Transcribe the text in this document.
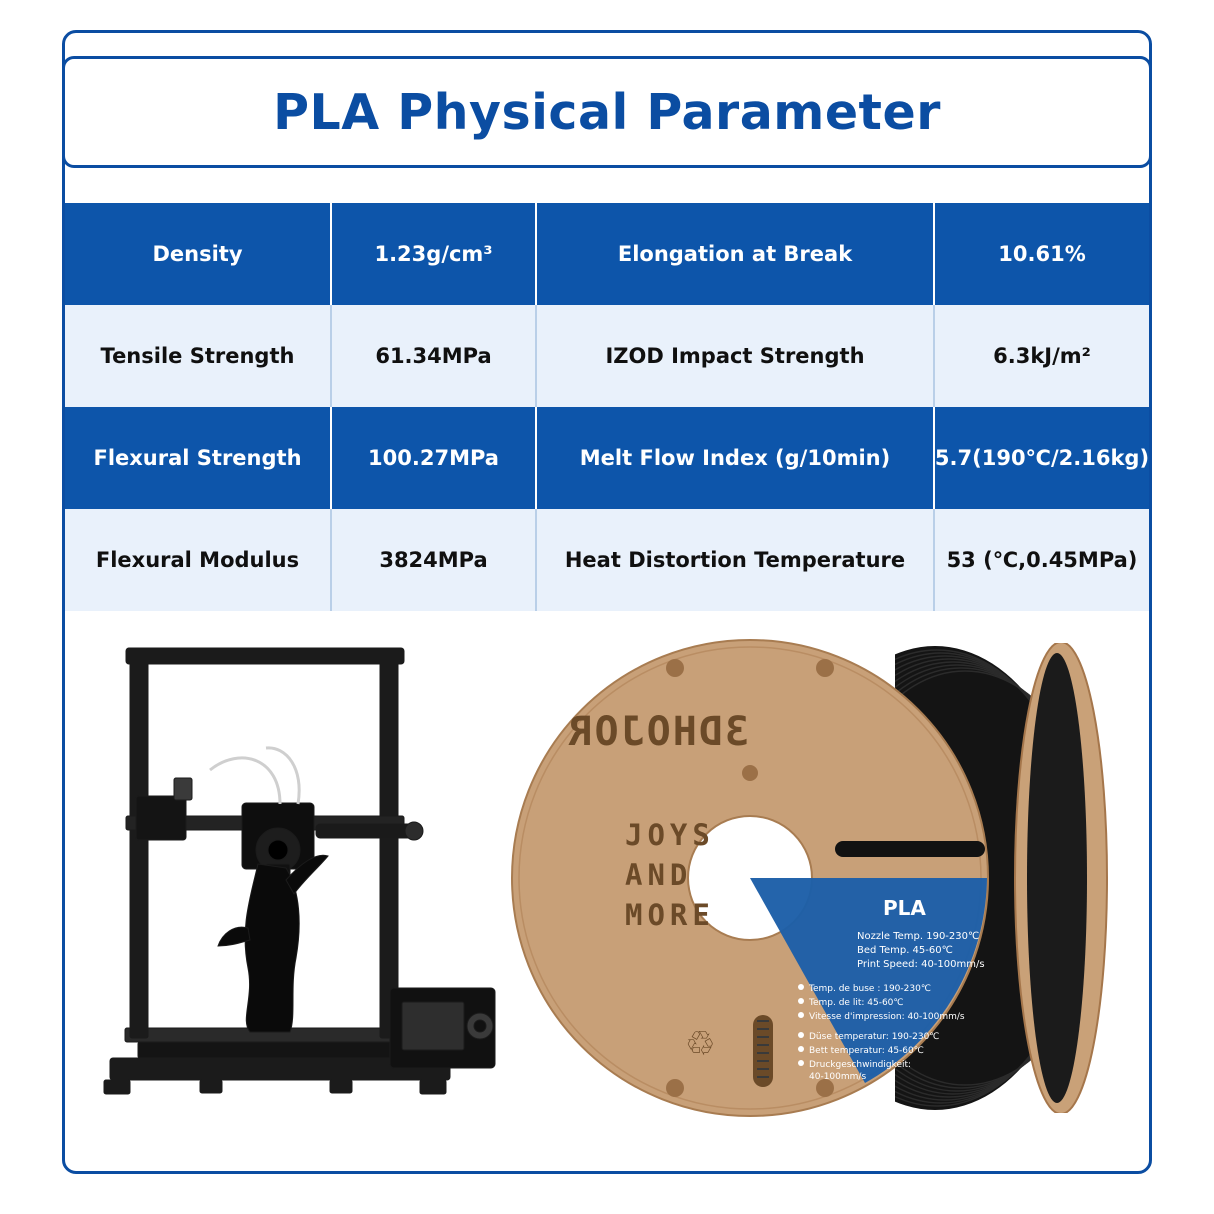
PLA Physical Parameter
Density	1.23g/cm³	Elongation at Break	10.61%
Tensile Strength	61.34MPa	IZOD Impact Strength	6.3kJ/m²
Flexural Strength	100.27MPa	Melt Flow Index (g/10min)	5.7(190℃/2.16kg)
Flexural Modulus	3824MPa	Heat Distortion Temperature	53 (℃,0.45MPa)
3DHOJOR
JOYS
AND
MORE
♲
PLA
Nozzle Temp. 190-230℃
Bed Temp. 45-60℃
Print Speed: 40-100mm/s
Temp. de buse : 190-230℃
Temp. de lit: 45-60℃
Vitesse d'impression: 40-100mm/s
Düse temperatur: 190-230℃
Bett temperatur: 45-60℃
Druckgeschwindigkeit:
40-100mm/s
